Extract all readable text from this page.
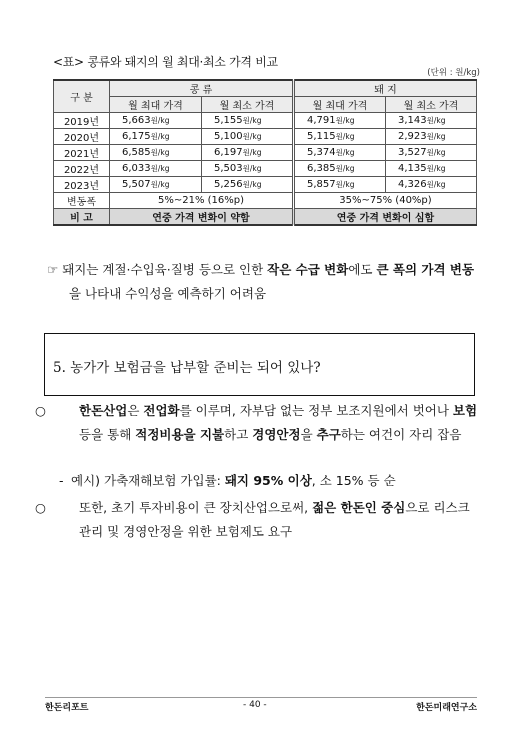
<표> 콩류와 돼지의 월 최대·최소 가격 비교
(단위 : 원/kg)
구 분	콩 류		돼 지	
	월 최대 가격	월 최소 가격	월 최대 가격	월 최소 가격
2019년	5,663원/kg	5,155원/kg	4,791원/kg	3,143원/kg
2020년	6,175원/kg	5,100원/kg	5,115원/kg	2,923원/kg
2021년	6,585원/kg	6,197원/kg	5,374원/kg	3,527원/kg
2022년	6,033원/kg	5,503원/kg	6,385원/kg	4,135원/kg
2023년	5,507원/kg	5,256원/kg	5,857원/kg	4,326원/kg
변동폭	5%~21% (16%p)		35%~75% (40%p)	
비 고	연중 가격 변화이 약함		연중 가격 변화이 심함	
☞ 돼지는 계절·수입육·질병 등으로 인한 작은 수급 변화에도 큰 폭의 가격 변동을 나타내 수익성을 예측하기 어려움
5. 농가가 보험금을 납부할 준비는 되어 있나?
○	한돈산업은 전업화를 이루며, 자부담 없는 정부 보조지원에서 벗어나 보험 등을 통해 적정비용을 지불하고 경영안정을 추구하는 여건이 자리 잡음
- 예시) 가축재해보험 가입률: 돼지 95% 이상, 소 15% 등 순
○	또한, 초기 투자비용이 큰 장치산업으로써, 젊은 한돈인 중심으로 리스크 관리 및 경영안정을 위한 보험제도 요구
한돈리포트	- 40 -	한돈미래연구소
